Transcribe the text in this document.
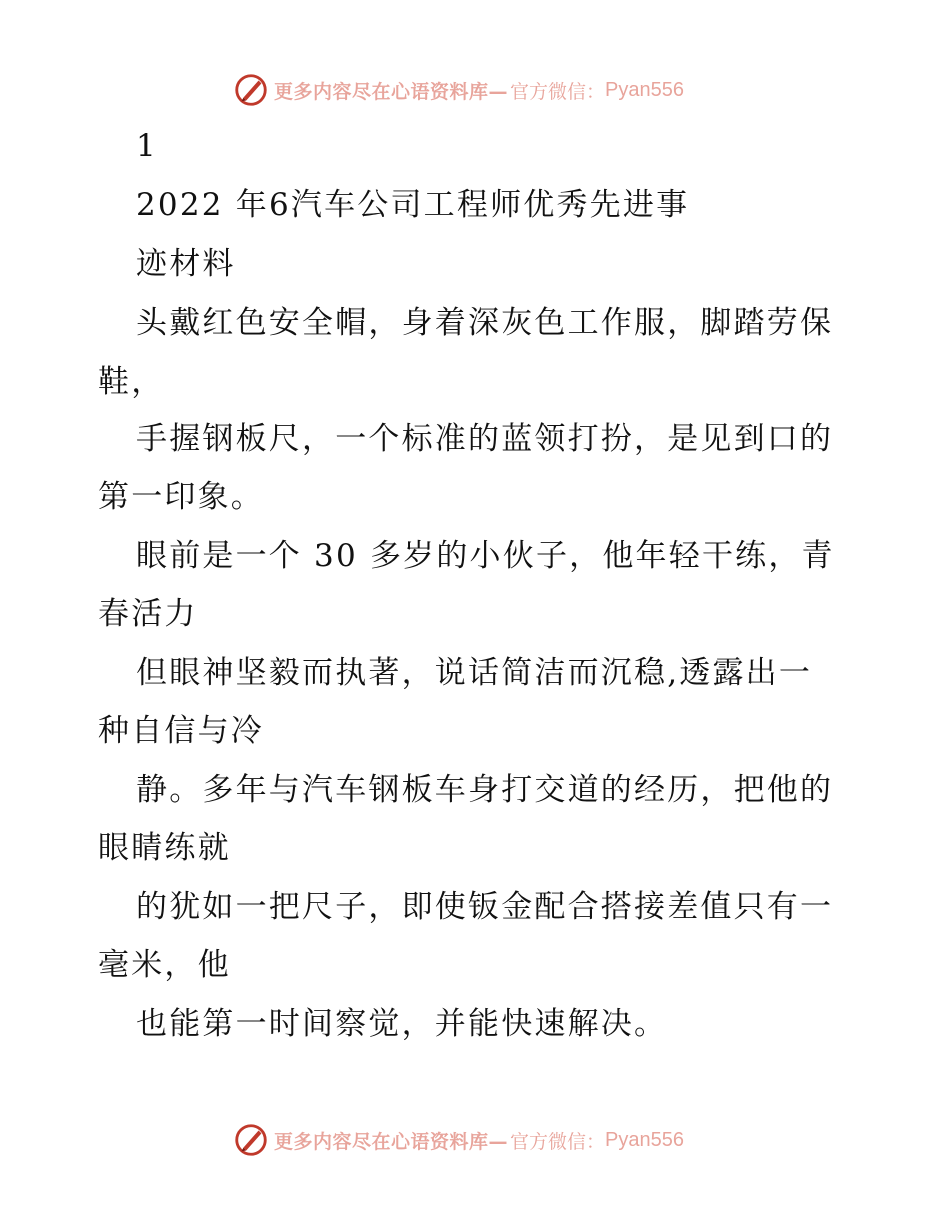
更多内容尽在心语资料库— 官方微信： Pyan556
1
2022 年6汽车公司工程师优秀先进事
迹材料
头戴红色安全帽，身着深灰色工作服，脚踏劳保
鞋，
手握钢板尺，一个标准的蓝领打扮，是见到口的
第一印象。
眼前是一个 30 多岁的小伙子，他年轻干练，青
春活力
但眼神坚毅而执著，说话简洁而沉稳,透露出一
种自信与冷
静。多年与汽车钢板车身打交道的经历，把他的
眼睛练就
的犹如一把尺子，即使钣金配合搭接差值只有一
毫米，他
也能第一时间察觉，并能快速解决。
更多内容尽在心语资料库— 官方微信： Pyan556
